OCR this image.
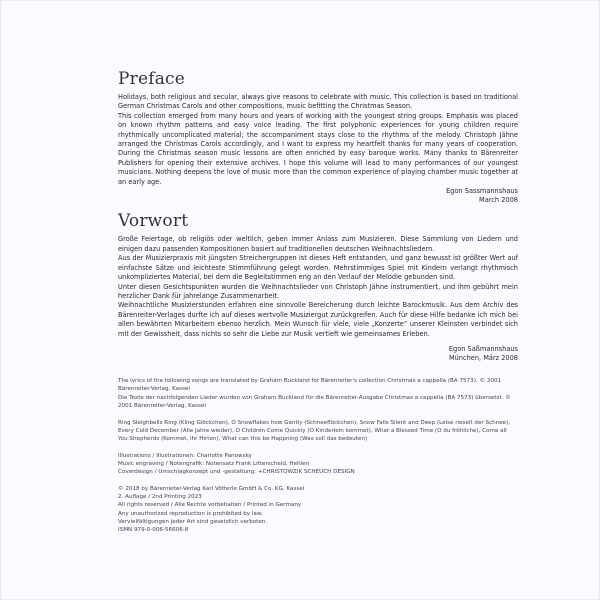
Preface

Holidays, both religious and secular, always give reasons to celebrate with music. This collection is based on traditional German Christmas Carols and other compositions, music befitting the Christmas Season.

This collection emerged from many hours and years of working with the youngest string groups. Emphasis was placed on known rhythm patterns and easy voice leading. The first polyphonic experiences for young children require rhythmically uncomplicated material; the accompaniment stays close to the rhythms of the melody. Christoph Jähne arranged the Christmas Carols accordingly, and I want to express my heartfelt thanks for many years of cooperation. During the Christmas season music lessons are often enriched by easy baroque works. Many thanks to Bärenreiter Publishers for opening their extensive archives. I hope this volume will lead to many performances of our youngest musicians. Nothing deepens the love of music more than the common experience of playing chamber music together at an early age.

Egon Sassmannshaus
March 2008
Vorwort

Große Feiertage, ob religiös oder weltlich, geben immer Anlass zum Musizieren. Diese Sammlung von Liedern und einigen dazu passenden Kompositionen basiert auf traditionellen deutschen Weihnachtsliedern.

Aus der Musizierpraxis mit jüngsten Streichergruppen ist dieses Heft entstanden, und ganz bewusst ist größter Wert auf einfachste Sätze und leichteste Stimmführung gelegt worden. Mehrstimmiges Spiel mit Kindern verlangt rhythmisch unkompliziertes Material, bei dem die Begleitstimmen eng an den Verlauf der Melodie gebunden sind.

Unter diesen Gesichtspunkten wurden die Weihnachtslieder von Christoph Jähne instrumentiert, und ihm gebührt mein herzlicher Dank für jahrelange Zusammenarbeit.

Weihnachtliche Musizierstunden erfahren eine sinnvolle Bereicherung durch leichte Barockmusik. Aus dem Archiv des Bärenreiter-Verlages durfte ich auf dieses wertvolle Musiziergut zurückgreifen. Auch für diese Hilfe bedanke ich mich bei allen bewährten Mitarbeitern ebenso herzlich. Mein Wunsch für viele, viele „Konzerte“ unserer Kleinsten verbindet sich mit der Gewissheit, dass nichts so sehr die Liebe zur Musik vertieft wie gemeinsames Erleben.

Egon Saßmannshaus
München, März 2008

The lyrics of the following songs are translated by Graham Buckland for Bärenreiter's collection Christmas a cappella (BA 7573). © 2001 Bärenreiter-Verlag, Kassel

Die Texte der nachfolgenden Lieder wurden von Graham Buckland für die Bärenreiter-Ausgabe Christmas a cappella (BA 7573) übersetzt. © 2001 Bärenreiter-Verlag, Kassel

Ring Sleighbells Ring (Kling Glöckchen), O Snowflakes how Gently (Schneeflöckchen), Snow Falls Silent and Deep (Leise rieselt der Schnee), Every Cold December (Alle Jahre wieder), O Children Come Quickly (O Kinderlein kommet), What a Blessed Time (O du fröhliche), Come all You Shepherds (Kommet, ihr Hirten), What can this be Happning (Was soll das bedeuten)

Illustrations / Illustrationen: Charlotte Panowsky

Music engraving / Notengrafik: Notensatz Frank Litterscheid, Hehlen

Coverdesign / Umschlagkonzept und -gestaltung: +CHRISTOWZIK SCHEUCH DESIGN

© 2018 by Bärenreiter-Verlag Karl Vötterle GmbH & Co. KG, Kassel

2. Auflage / 2nd Printing 2023

All rights reserved / Alle Rechte vorbehalten / Printed in Germany

Any unauthorized reproduction is prohibited by law.

Vervielfältigungen jeder Art sind gesetzlich verboten.

ISMN 979-0-006-56606-8
